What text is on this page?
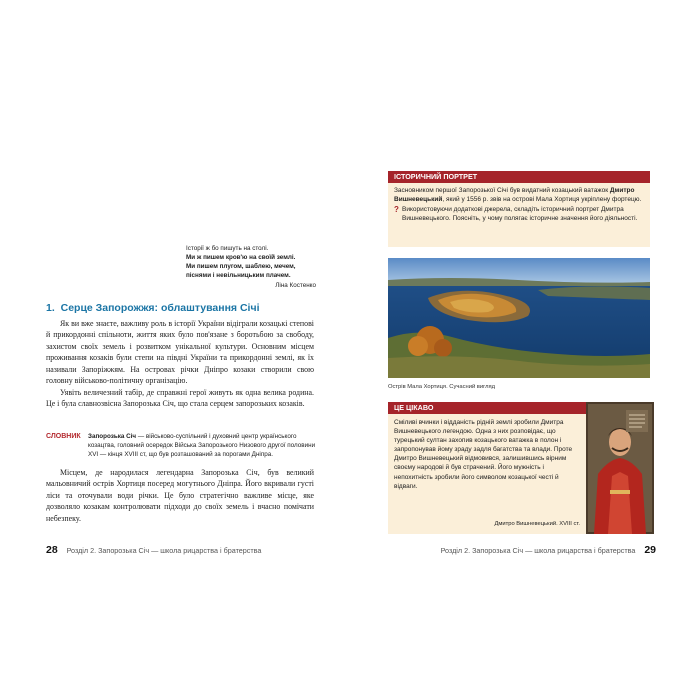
Історії ж бо пишуть на столі.
Ми ж пишем кров'ю на своїй землі.
Ми пишем плугом, шаблею, мечем,
піснями і невільницьким плачем.
Ліна Костенко
1. Серце Запорожжя: облаштування Січі
Як ви вже знаєте, важливу роль в історії України відіграли козацькі степові й прикордонні спільноти, життя яких було пов'язане з боротьбою за свободу, захистом своїх земель і розвитком унікальної культури. Основним місцем проживання козаків були степи на півдні України та прикордонні землі, як їх називали Запоріжжям. На островах річки Дніпро козаки створили свою головну військово-політичну організацію.
Уявіть величезний табір, де справжні герої живуть як одна велика родина. Це і була славнозвісна Запорозька Січ, що стала серцем запорозьких козаків.
СЛОВНИК Запорозька Січ — військово-суспільний і духовний центр українського козацтва, головний осередок Війська Запорозького Низового другої половини XVI — кінця XVIII ст, що був розташований за порогами Дніпра.
Місцем, де народилася легендарна Запорозька Січ, був великий мальовничий острів Хортиця посеред могутнього Дніпра. Його вкривали густі ліси та оточували води річки. Це було стратегічно важливе місце, яке дозволяло козакам контролювати підходи до своїх земель і вчасно помічати небезпеку.
28 Розділ 2. Запорозька Січ — школа рицарства і братерства
ІСТОРИЧНИЙ ПОРТРЕТ
Засновником першої Запорозької Січі був видатний козацький ватажок Дмитро Вишневецький, який у 1556 р. звів на острові Мала Хортиця укріплену фортецю.
? Використовуючи додаткові джерела, складіть історичний портрет Дмитра Вишневецького. Поясніть, у чому полягає історичне значення його діяльності.
Острів Мала Хортиця. Сучасний вигляд
ЦЕ ЦІКАВО
Сміливі вчинки і відданість рідній землі зробили Дмитра Вишневецького легендою. Одна з них розповідає, що турецький султан захопив козацького ватажка в полон і запропонував йому зраду задля багатства та влади. Проте Дмитро Вишневецький відмовився, залишившись вірним своєму народові й був страчений. Його мужність і непохитність зробили його символом козацької честі й відваги.
Дмитро Вишневецький. XVIII ст.
Розділ 2. Запорозька Січ — школа рицарства і братерства 29
